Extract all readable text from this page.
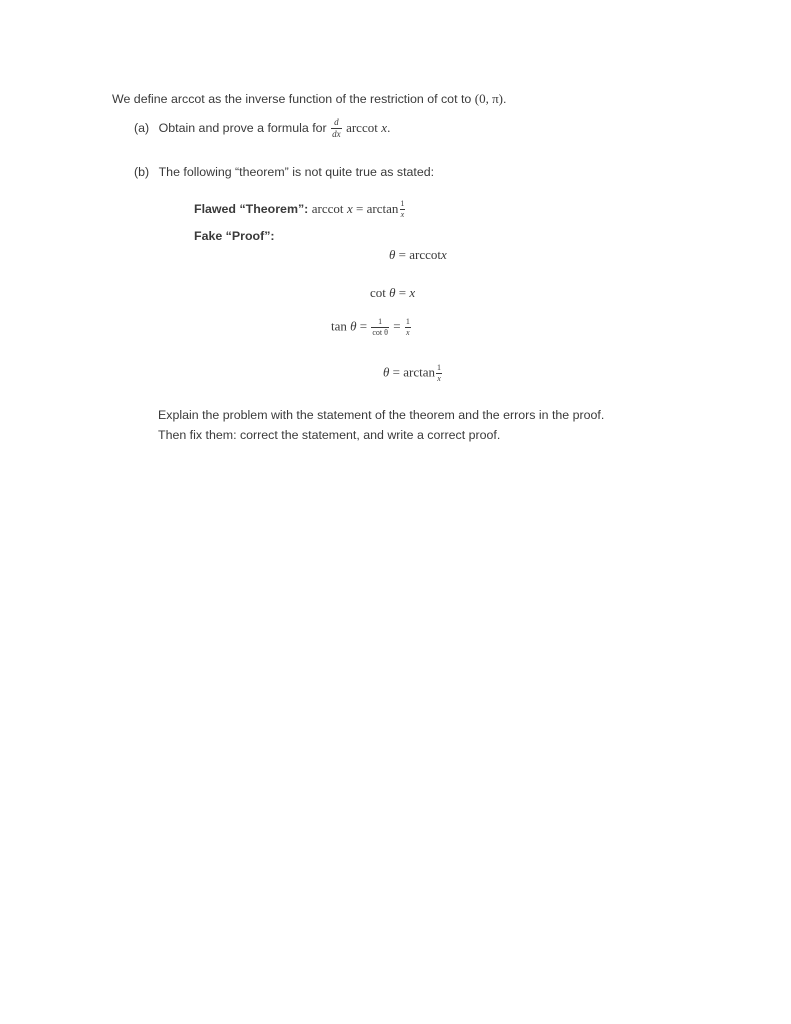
We define arccot as the inverse function of the restriction of cot to (0, π).
(a) Obtain and prove a formula for $\frac{d}{dx}$ arccot x.
(b) The following “theorem” is not quite true as stated:
Flawed “Theorem”: arccot $x = \arctan \frac{1}{x}$
Fake “Proof”:
θ = arccotx
cot θ = x
$\tan \theta = \frac{1}{\text{cot θ}} = \frac{1}{x}$
$\theta = \arctan \frac{1}{x}$
Explain the problem with the statement of the theorem and the errors in the proof.
Then fix them: correct the statement, and write a correct proof.
